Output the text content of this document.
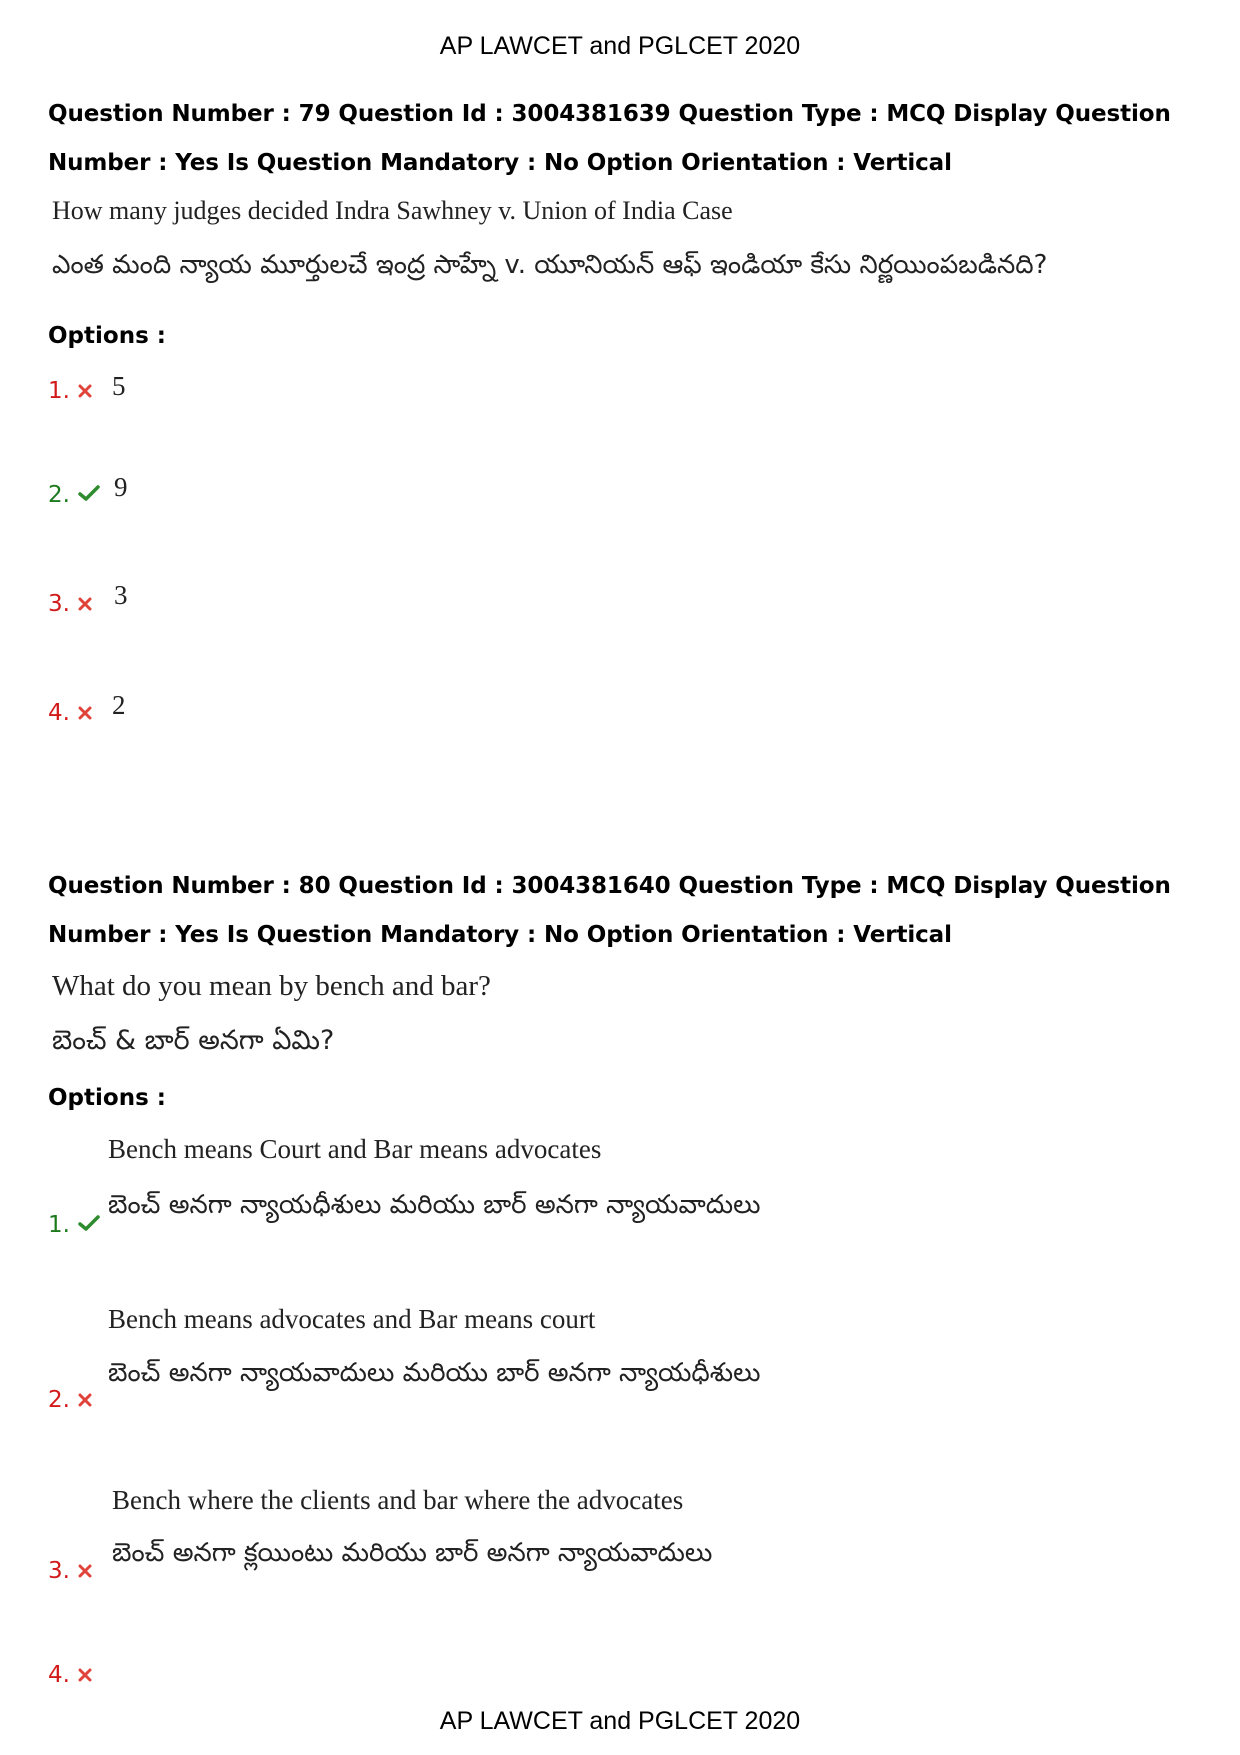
AP LAWCET and PGLCET 2020
Question Number : 79 Question Id : 3004381639 Question Type : MCQ Display Question
Number : Yes Is Question Mandatory : No Option Orientation : Vertical
How many judges decided Indra Sawhney v. Union of India Case
ఎంత మంది న్యాయ మూర్తులచే ఇంద్ర సాహ్నే v. యూనియన్ ఆఫ్ ఇండియా కేసు నిర్ణయింపబడినది?
Options :
1. 5
2. 9
3. 3
4. 2
Question Number : 80 Question Id : 3004381640 Question Type : MCQ Display Question
Number : Yes Is Question Mandatory : No Option Orientation : Vertical
What do you mean by bench and bar?
బెంచ్ & బార్ అనగా ఏమి?
Options :
Bench means Court and Bar means advocates
బెంచ్ అనగా న్యాయధీశులు మరియు బార్ అనగా న్యాయవాదులు
1.
Bench means advocates and Bar means court
బెంచ్ అనగా న్యాయవాదులు మరియు బార్ అనగా న్యాయధీశులు
2.
Bench where the clients and bar where the advocates
బెంచ్ అనగా క్లయింటు మరియు బార్ అనగా న్యాయవాదులు
3.
4.
AP LAWCET and PGLCET 2020
